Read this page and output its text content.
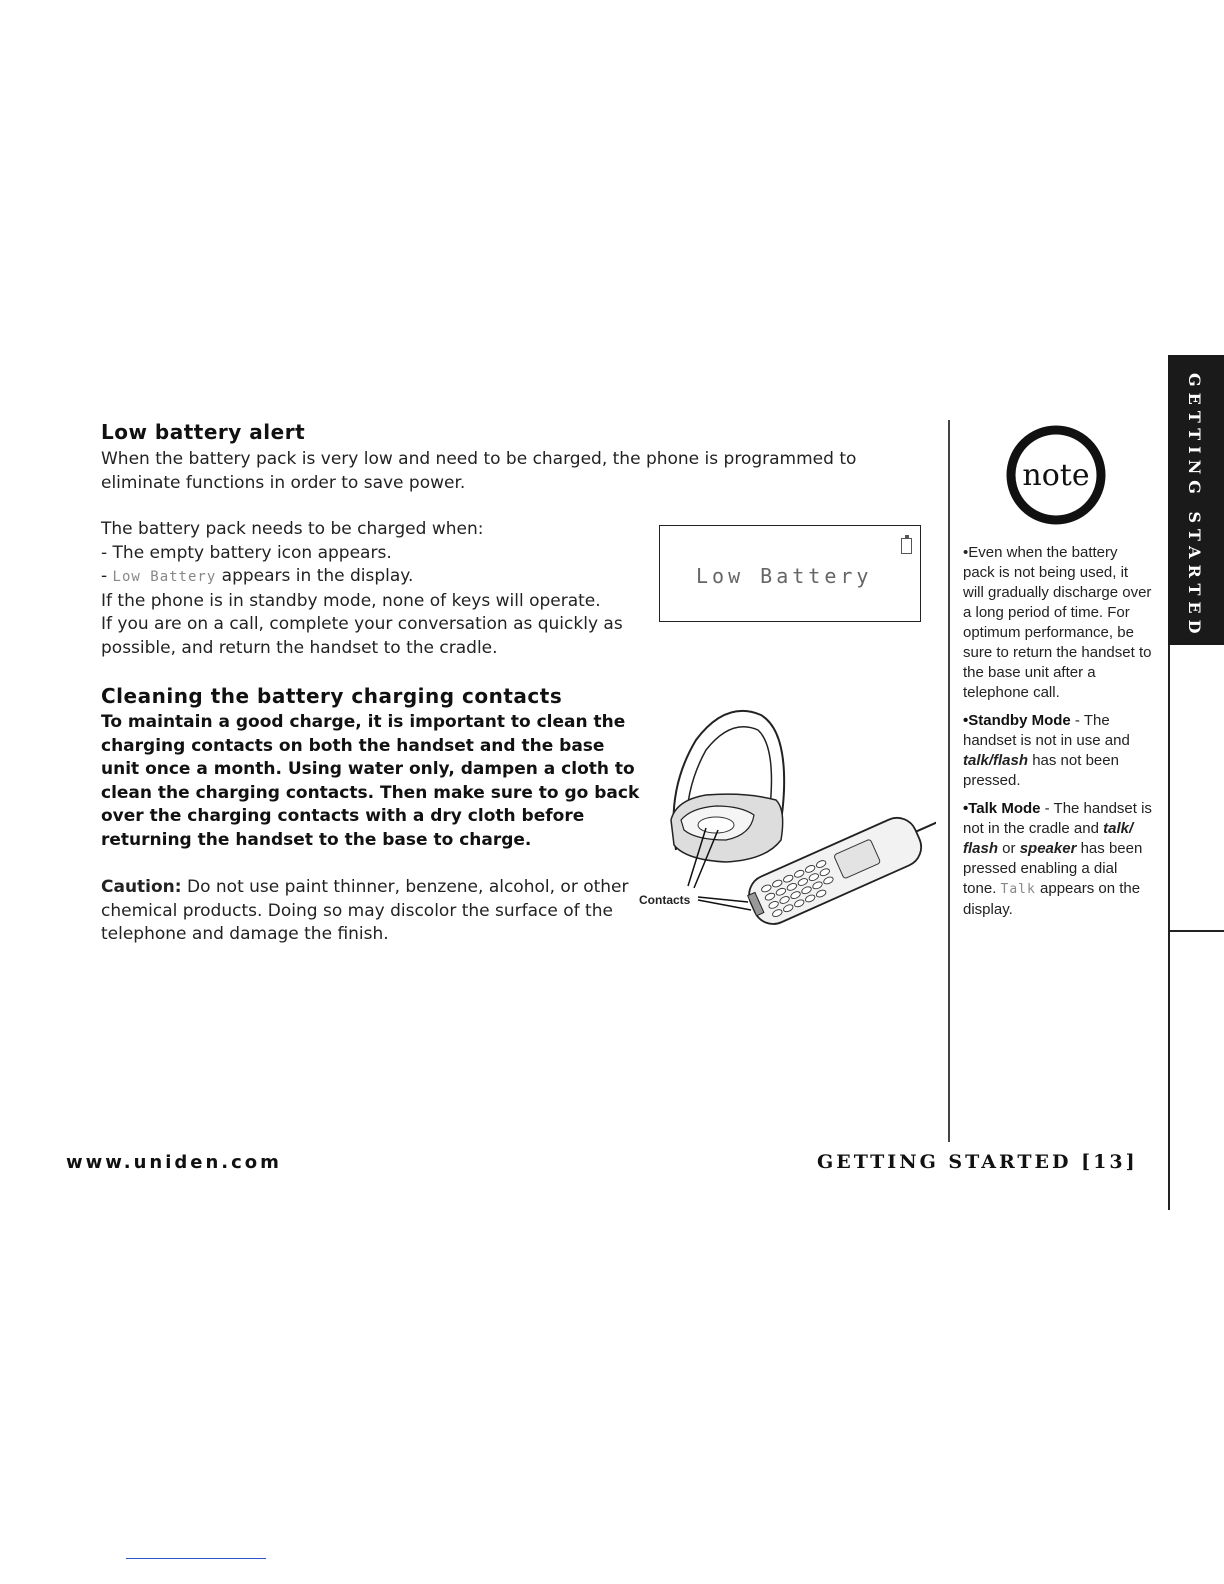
Low battery alert
When the battery pack is very low and need to be charged, the phone is programmed to eliminate functions in order to save power.
The battery pack needs to be charged when:
- The empty battery icon appears.
- Low Battery appears in the display.
If the phone is in standby mode, none of keys will operate.
If you are on a call, complete your conversation as quickly as possible, and return the handset to the cradle.
Low Battery
Cleaning the battery charging contacts
To maintain a good charge, it is important to clean the charging contacts on both the handset and the base unit once a month. Using water only, dampen a cloth to clean the charging contacts. Then make sure to go back over the charging contacts with a dry cloth before returning the handset to the base to charge.
Caution: Do not use paint thinner, benzene, alcohol, or other chemical products. Doing so may discolor the surface of the telephone and damage the finish.
Contacts
note
•Even when the battery pack is not being used, it will gradually discharge over a long period of time. For optimum performance, be sure to return the handset to the base unit after a telephone call.
•Standby Mode - The handset is not in use and talk/flash has not been pressed.
•Talk Mode - The handset is not in the cradle and talk/ flash or speaker has been pressed enabling a dial tone. Talk appears on the display.
GETTING STARTED
www.uniden.com	GETTING STARTED [13]
